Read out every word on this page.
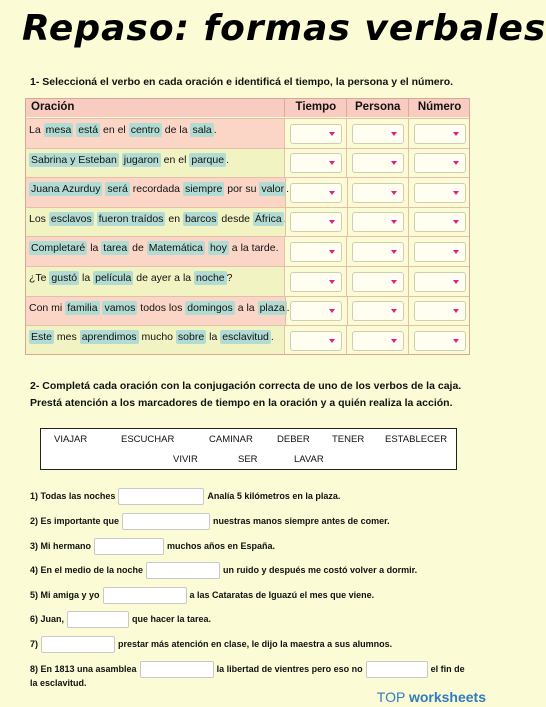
Repaso: formas verbales
1- Seleccioná el verbo en cada oración e identificá el tiempo, la persona y el número.
Oración	Tiempo	Persona	Número
La mesa está en el centro de la sala .
Sabrina y Esteban jugaron en el parque .
Juana Azurduy será recordada siempre por su valor .
Los esclavos fueron traídos en barcos desde África .
Completaré la tarea de Matemática hoy a la tarde.
¿Te gustó la película de ayer a la noche ?
Con mi familia vamos todos los domingos a la plaza .
Este mes aprendimos mucho sobre la esclavitud .
2- Completá cada oración con la conjugación correcta de uno de los verbos de la caja. Prestá atención a los marcadores de tiempo en la oración y a quién realiza la acción.
VIAJAR	ESCUCHAR	CAMINAR	DEBER TENER ESTABLECER
VIVIR	SER	LAVAR
1) Todas las noches	Analía 5 kilómetros en la plaza.
2) Es importante que	nuestras manos siempre antes de comer.
3) Mi hermano	muchos años en España.
4) En el medio de la noche	un ruido y después me costó volver a dormir.
5) Mi amiga y yo	a las Cataratas de Iguazú el mes que viene.
6) Juan,	que hacer la tarea.
7)	prestar más atención en clase, le dijo la maestra a sus alumnos.
8) En 1813 una asamblea	la libertad de vientres pero eso no	el fin de
la esclavitud.
TOP worksheets
